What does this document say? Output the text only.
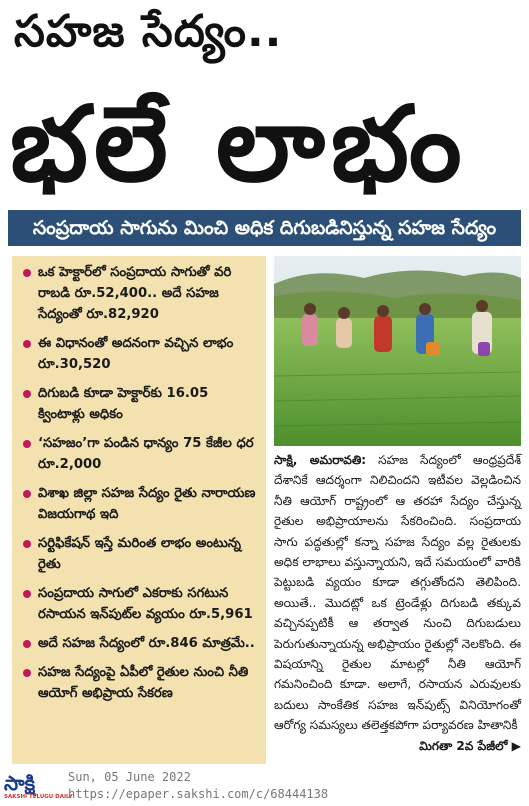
సహజ సేద్యం..
భలే లాభం
సంప్రదాయ సాగును మించి అధిక దిగుబడినిస్తున్న సహజ సేద్యం
ఒక హెక్టార్‌లో సంప్రదాయ సాగుతో వరి రాబడి రూ.52,400.. అదే సహజ సేద్యంతో రూ.82,920
ఈ విధానంతో అదనంగా వచ్చిన లాభం రూ.30,520
దిగుబడి కూడా హెక్టార్‌కు 16.05 క్వింటాళ్లు అధికం
‘సహజం’గా పండిన ధాన్యం 75 కేజీల ధర రూ.2,000
విశాఖ జిల్లా సహజ సేద్యం రైతు నారాయణ విజయగాథ ఇది
సర్టిఫికేషన్‌ ఇస్తే మరింత లాభం అంటున్న రైతు
సంప్రదాయ సాగులో ఎకరాకు సగటున రసాయన ఇన్‌పుట్‌ల వ్యయం రూ.5,961
అదే సహజ సేద్యంలో రూ.846 మాత్రమే..
సహజ సేద్యంపై ఏపీలో రైతుల నుంచి నీతి ఆయోగ్‌ అభిప్రాయ సేకరణ
సాక్షి, అమరావతి: సహజ సేద్యంలో ఆంధ్రప్రదేశ్‌ దేశానికే ఆదర్శంగా నిలిచిందని ఇటీవల వెల్లడించిన నీతి ఆయోగ్‌ రాష్ట్రంలో ఆ తరహా సేద్యం చేస్తున్న రైతుల అభిప్రాయాలను సేకరించింది. సంప్రదాయ సాగు పద్ధతుల్లో కన్నా సహజ సేద్యం వల్ల రైతులకు అధిక లాభాలు వస్తున్నాయని, ఇదే సమయంలో వారికి పెట్టుబడి వ్యయం కూడా తగ్గుతోందని తెలిపింది. అయితే.. మొదట్లో ఒక ట్రెండేళ్లు దిగుబడి తక్కువ వచ్చినప్పటికీ ఆ తర్వాత నుంచి దిగుబడులు పెరుగుతున్నాయన్న అభిప్రాయం రైతుల్లో నెలకొంది. ఈ విషయాన్ని రైతుల మాటల్లో నీతి ఆయోగ్‌ గమనించింది కూడా. అలాగే, రసాయన ఎరువులకు బదులు సాంకేతిక సహజ ఇన్‌పుట్స్‌ వినియోగంతో ఆరోగ్య సమస్యలు తలెత్తకపోగా పర్యావరణ హితానికీ
మిగతా 2వ పేజీలో ▶
సాక్షి
SAKSHI TELUGU DAILY
Sun, 05 June 2022
https://epaper.sakshi.com/c/68444138
